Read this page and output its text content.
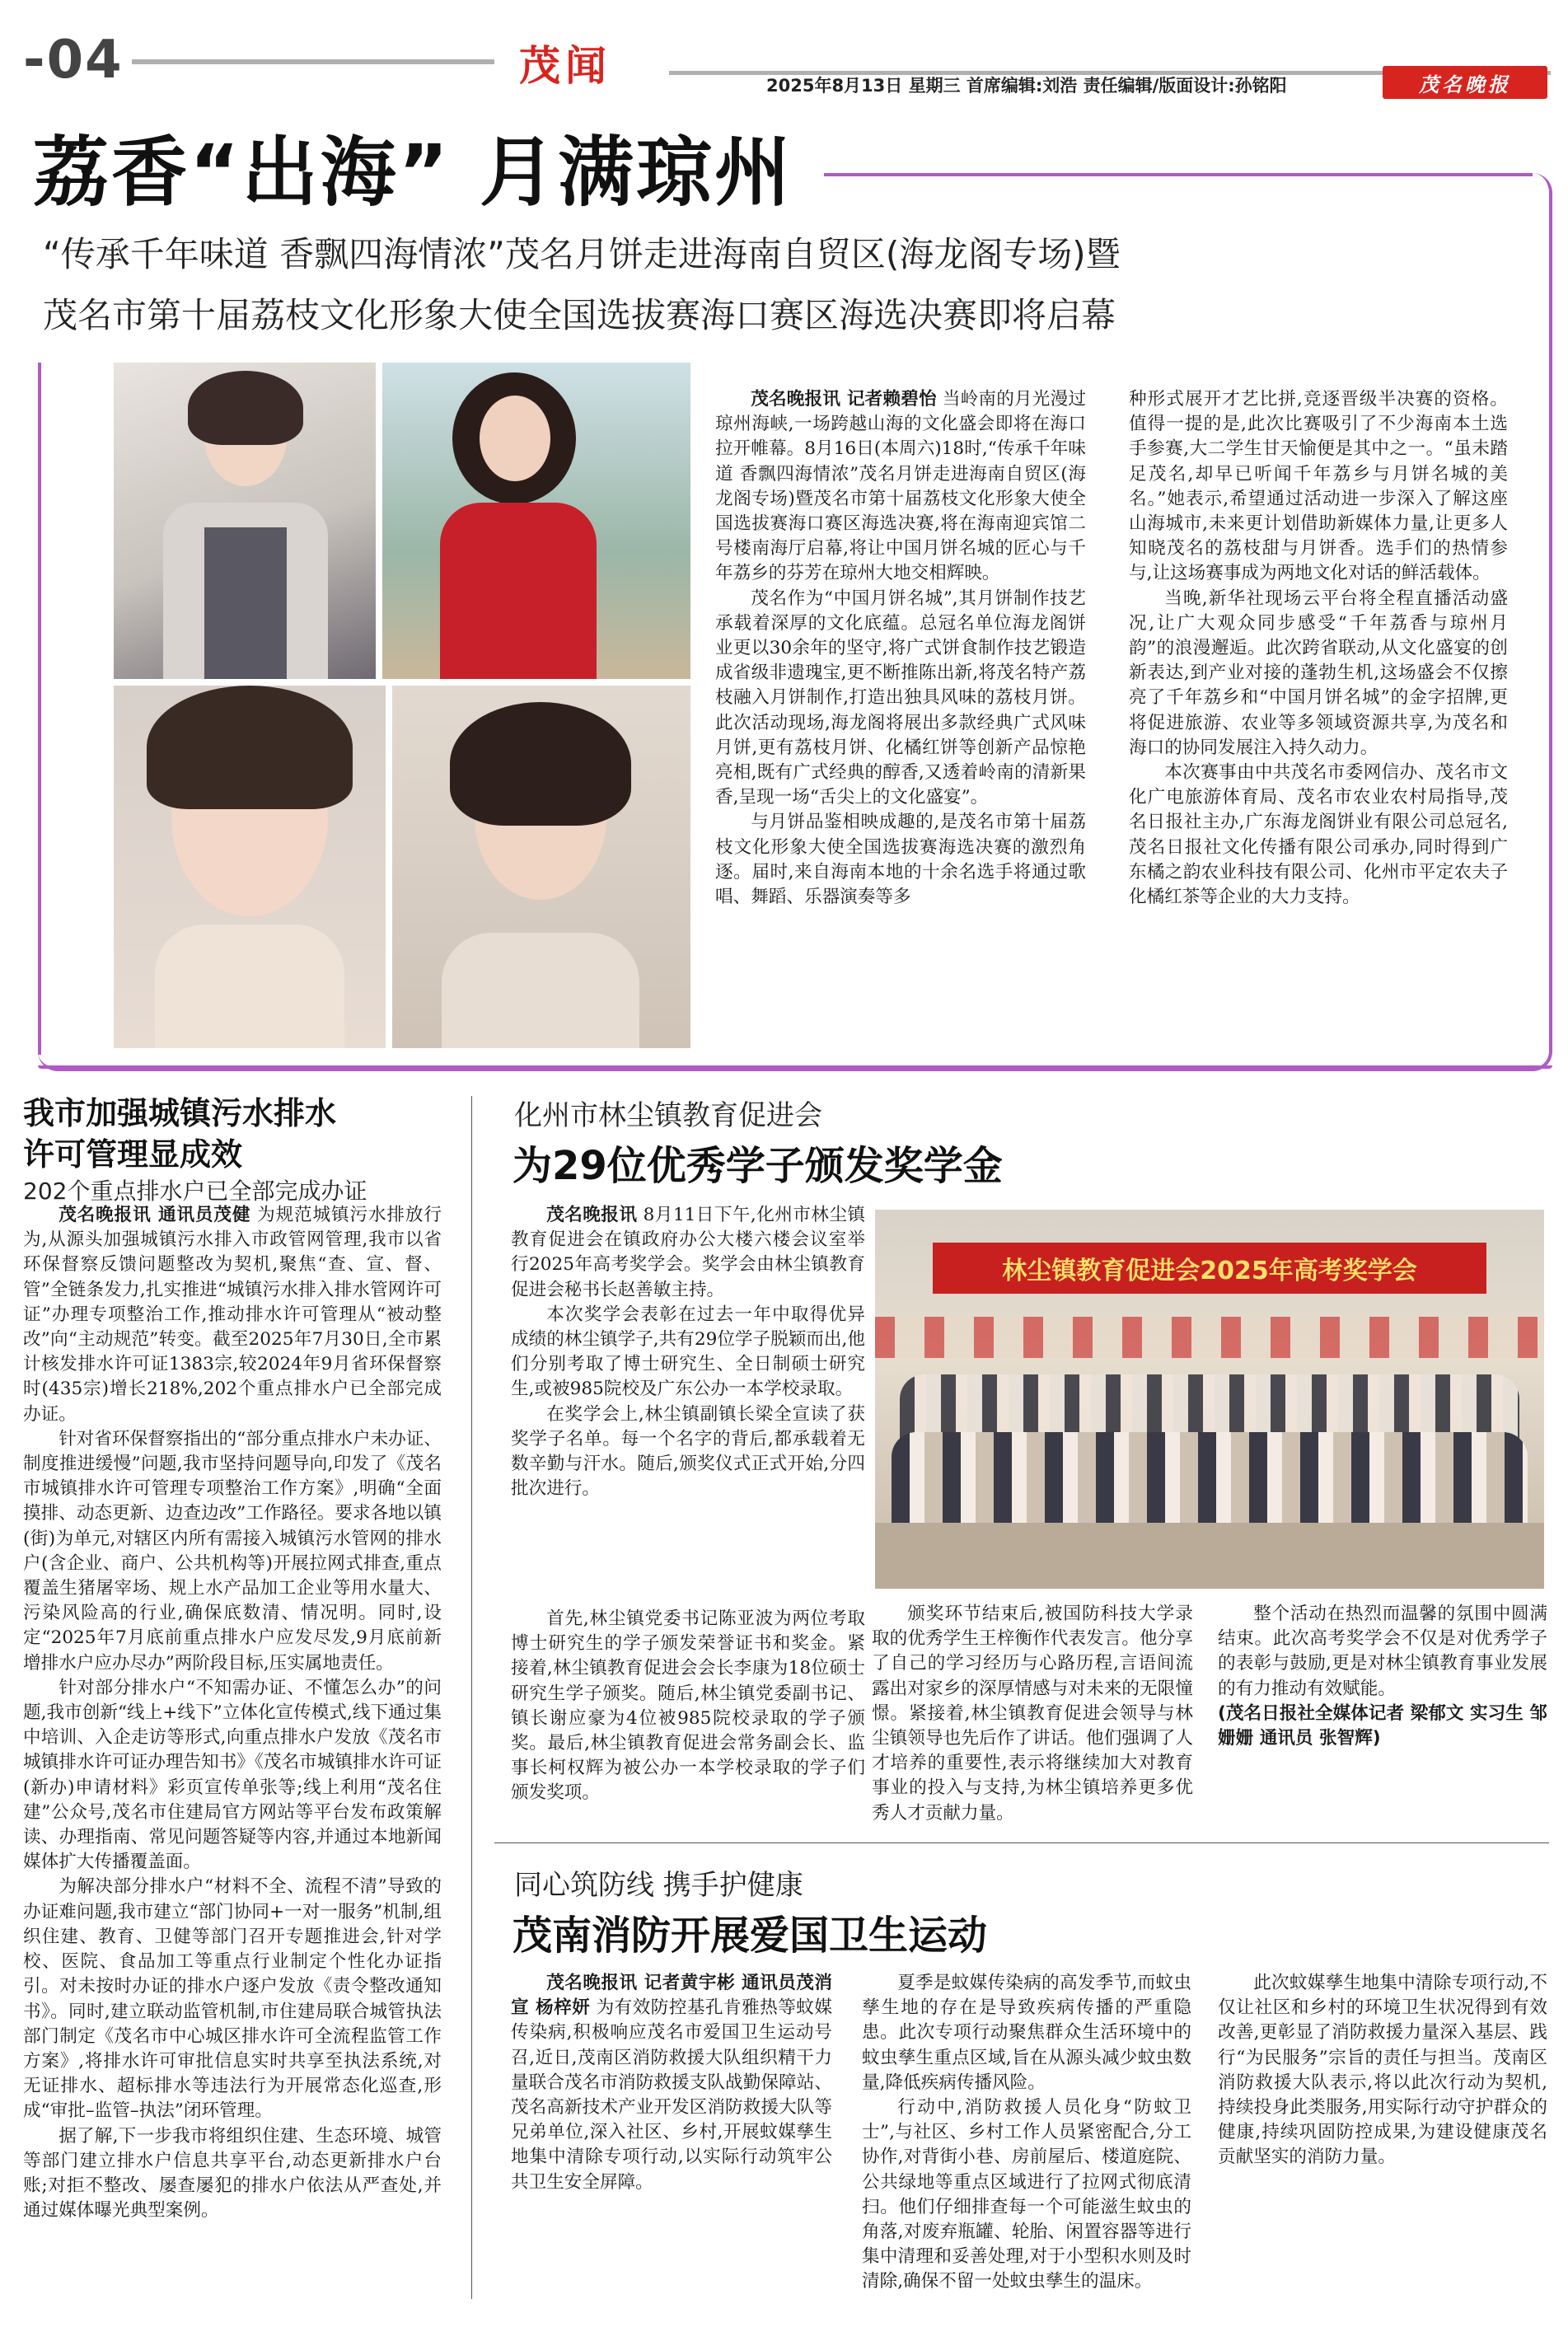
-04	茂闻	2025年8月13日 星期三 首席编辑:刘浩 责任编辑/版面设计:孙铭阳	茂名晚报
荔香“出海” 月满琼州
“传承千年味道 香飘四海情浓”茂名月饼走进海南自贸区(海龙阁专场)暨
茂名市第十届荔枝文化形象大使全国选拔赛海口赛区海选决赛即将启幕

茂名晚报讯 记者赖碧怡 当岭南的月光漫过琼州海峡,一场跨越山海的文化盛会即将在海口拉开帷幕。8月16日(本周六)18时,“传承千年味道 香飘四海情浓”茂名月饼走进海南自贸区(海龙阁专场)暨茂名市第十届荔枝文化形象大使全国选拔赛海口赛区海选决赛,将在海南迎宾馆二号楼南海厅启幕,将让中国月饼名城的匠心与千年荔乡的芬芳在琼州大地交相辉映。

茂名作为“中国月饼名城”,其月饼制作技艺承载着深厚的文化底蕴。总冠名单位海龙阁饼业更以30余年的坚守,将广式饼食制作技艺锻造成省级非遗瑰宝,更不断推陈出新,将茂名特产荔枝融入月饼制作,打造出独具风味的荔枝月饼。此次活动现场,海龙阁将展出多款经典广式风味月饼,更有荔枝月饼、化橘红饼等创新产品惊艳亮相,既有广式经典的醇香,又透着岭南的清新果香,呈现一场“舌尖上的文化盛宴”。

与月饼品鉴相映成趣的,是茂名市第十届荔枝文化形象大使全国选拔赛海选决赛的激烈角逐。届时,来自海南本地的十余名选手将通过歌唱、舞蹈、乐器演奏等多

种形式展开才艺比拼,竞逐晋级半决赛的资格。值得一提的是,此次比赛吸引了不少海南本土选手参赛,大二学生甘天愉便是其中之一。“虽未踏足茂名,却早已听闻千年荔乡与月饼名城的美名。”她表示,希望通过活动进一步深入了解这座山海城市,未来更计划借助新媒体力量,让更多人知晓茂名的荔枝甜与月饼香。选手们的热情参与,让这场赛事成为两地文化对话的鲜活载体。

当晚,新华社现场云平台将全程直播活动盛况,让广大观众同步感受“千年荔香与琼州月韵”的浪漫邂逅。此次跨省联动,从文化盛宴的创新表达,到产业对接的蓬勃生机,这场盛会不仅擦亮了千年荔乡和“中国月饼名城”的金字招牌,更将促进旅游、农业等多领域资源共享,为茂名和海口的协同发展注入持久动力。

本次赛事由中共茂名市委网信办、茂名市文化广电旅游体育局、茂名市农业农村局指导,茂名日报社主办,广东海龙阁饼业有限公司总冠名,茂名日报社文化传播有限公司承办,同时得到广东橘之韵农业科技有限公司、化州市平定农夫子化橘红茶等企业的大力支持。

我市加强城镇污水排水
许可管理显成效
202个重点排水户已全部完成办证

茂名晚报讯 通讯员茂健 为规范城镇污水排放行为,从源头加强城镇污水排入市政管网管理,我市以省环保督察反馈问题整改为契机,聚焦“查、宣、督、管”全链条发力,扎实推进“城镇污水排入排水管网许可证”办理专项整治工作,推动排水许可管理从“被动整改”向“主动规范”转变。截至2025年7月30日,全市累计核发排水许可证1383宗,较2024年9月省环保督察时(435宗)增长218%,202个重点排水户已全部完成办证。

针对省环保督察指出的“部分重点排水户未办证、制度推进缓慢”问题,我市坚持问题导向,印发了《茂名市城镇排水许可管理专项整治工作方案》,明确“全面摸排、动态更新、边查边改”工作路径。要求各地以镇(街)为单元,对辖区内所有需接入城镇污水管网的排水户(含企业、商户、公共机构等)开展拉网式排查,重点覆盖生猪屠宰场、规上水产品加工企业等用水量大、污染风险高的行业,确保底数清、情况明。同时,设定“2025年7月底前重点排水户应发尽发,9月底前新增排水户应办尽办”两阶段目标,压实属地责任。

针对部分排水户“不知需办证、不懂怎么办”的问题,我市创新“线上+线下”立体化宣传模式,线下通过集中培训、入企走访等形式,向重点排水户发放《茂名市城镇排水许可证办理告知书》《茂名市城镇排水许可证(新办)申请材料》彩页宣传单张等;线上利用“茂名住建”公众号,茂名市住建局官方网站等平台发布政策解读、办理指南、常见问题答疑等内容,并通过本地新闻媒体扩大传播覆盖面。

为解决部分排水户“材料不全、流程不清”导致的办证难问题,我市建立“部门协同+一对一服务”机制,组织住建、教育、卫健等部门召开专题推进会,针对学校、医院、食品加工等重点行业制定个性化办证指引。对未按时办证的排水户逐户发放《责令整改通知书》。同时,建立联动监管机制,市住建局联合城管执法部门制定《茂名市中心城区排水许可全流程监管工作方案》,将排水许可审批信息实时共享至执法系统,对无证排水、超标排水等违法行为开展常态化巡查,形成“审批–监管–执法”闭环管理。

据了解,下一步我市将组织住建、生态环境、城管等部门建立排水户信息共享平台,动态更新排水户台账;对拒不整改、屡查屡犯的排水户依法从严查处,并通过媒体曝光典型案例。

化州市林尘镇教育促进会
为29位优秀学子颁发奖学金

茂名晚报讯 8月11日下午,化州市林尘镇教育促进会在镇政府办公大楼六楼会议室举行2025年高考奖学会。奖学会由林尘镇教育促进会秘书长赵善敏主持。

本次奖学会表彰在过去一年中取得优异成绩的林尘镇学子,共有29位学子脱颖而出,他们分别考取了博士研究生、全日制硕士研究生,或被985院校及广东公办一本学校录取。

在奖学会上,林尘镇副镇长梁全宣读了获奖学子名单。每一个名字的背后,都承载着无数辛勤与汗水。随后,颁奖仪式正式开始,分四批次进行。

林尘镇教育促进会2025年高考奖学会

首先,林尘镇党委书记陈亚波为两位考取博士研究生的学子颁发荣誉证书和奖金。紧接着,林尘镇教育促进会会长李康为18位硕士研究生学子颁奖。随后,林尘镇党委副书记、镇长谢应豪为4位被985院校录取的学子颁奖。最后,林尘镇教育促进会常务副会长、监事长柯权辉为被公办一本学校录取的学子们颁发奖项。

颁奖环节结束后,被国防科技大学录取的优秀学生王梓衡作代表发言。他分享了自己的学习经历与心路历程,言语间流露出对家乡的深厚情感与对未来的无限憧憬。紧接着,林尘镇教育促进会领导与林尘镇领导也先后作了讲话。他们强调了人才培养的重要性,表示将继续加大对教育事业的投入与支持,为林尘镇培养更多优秀人才贡献力量。

整个活动在热烈而温馨的氛围中圆满结束。此次高考奖学会不仅是对优秀学子的表彰与鼓励,更是对林尘镇教育事业发展的有力推动有效赋能。

(茂名日报社全媒体记者 梁郁文 实习生 邹姗姗 通讯员 张智辉)

同心筑防线 携手护健康
茂南消防开展爱国卫生运动

茂名晚报讯 记者黄宇彬 通讯员茂消宣 杨梓妍 为有效防控基孔肯雅热等蚊媒传染病,积极响应茂名市爱国卫生运动号召,近日,茂南区消防救援大队组织精干力量联合茂名市消防救援支队战勤保障站、茂名高新技术产业开发区消防救援大队等兄弟单位,深入社区、乡村,开展蚊媒孳生地集中清除专项行动,以实际行动筑牢公共卫生安全屏障。

夏季是蚊媒传染病的高发季节,而蚊虫孳生地的存在是导致疾病传播的严重隐患。此次专项行动聚焦群众生活环境中的蚊虫孳生重点区域,旨在从源头减少蚊虫数量,降低疾病传播风险。

行动中,消防救援人员化身“防蚊卫士”,与社区、乡村工作人员紧密配合,分工协作,对背街小巷、房前屋后、楼道庭院、公共绿地等重点区域进行了拉网式彻底清扫。他们仔细排查每一个可能滋生蚊虫的角落,对废弃瓶罐、轮胎、闲置容器等进行集中清理和妥善处理,对于小型积水则及时清除,确保不留一处蚊虫孳生的温床。

此次蚊媒孳生地集中清除专项行动,不仅让社区和乡村的环境卫生状况得到有效改善,更彰显了消防救援力量深入基层、践行“为民服务”宗旨的责任与担当。茂南区消防救援大队表示,将以此次行动为契机,持续投身此类服务,用实际行动守护群众的健康,持续巩固防控成果,为建设健康茂名贡献坚实的消防力量。
